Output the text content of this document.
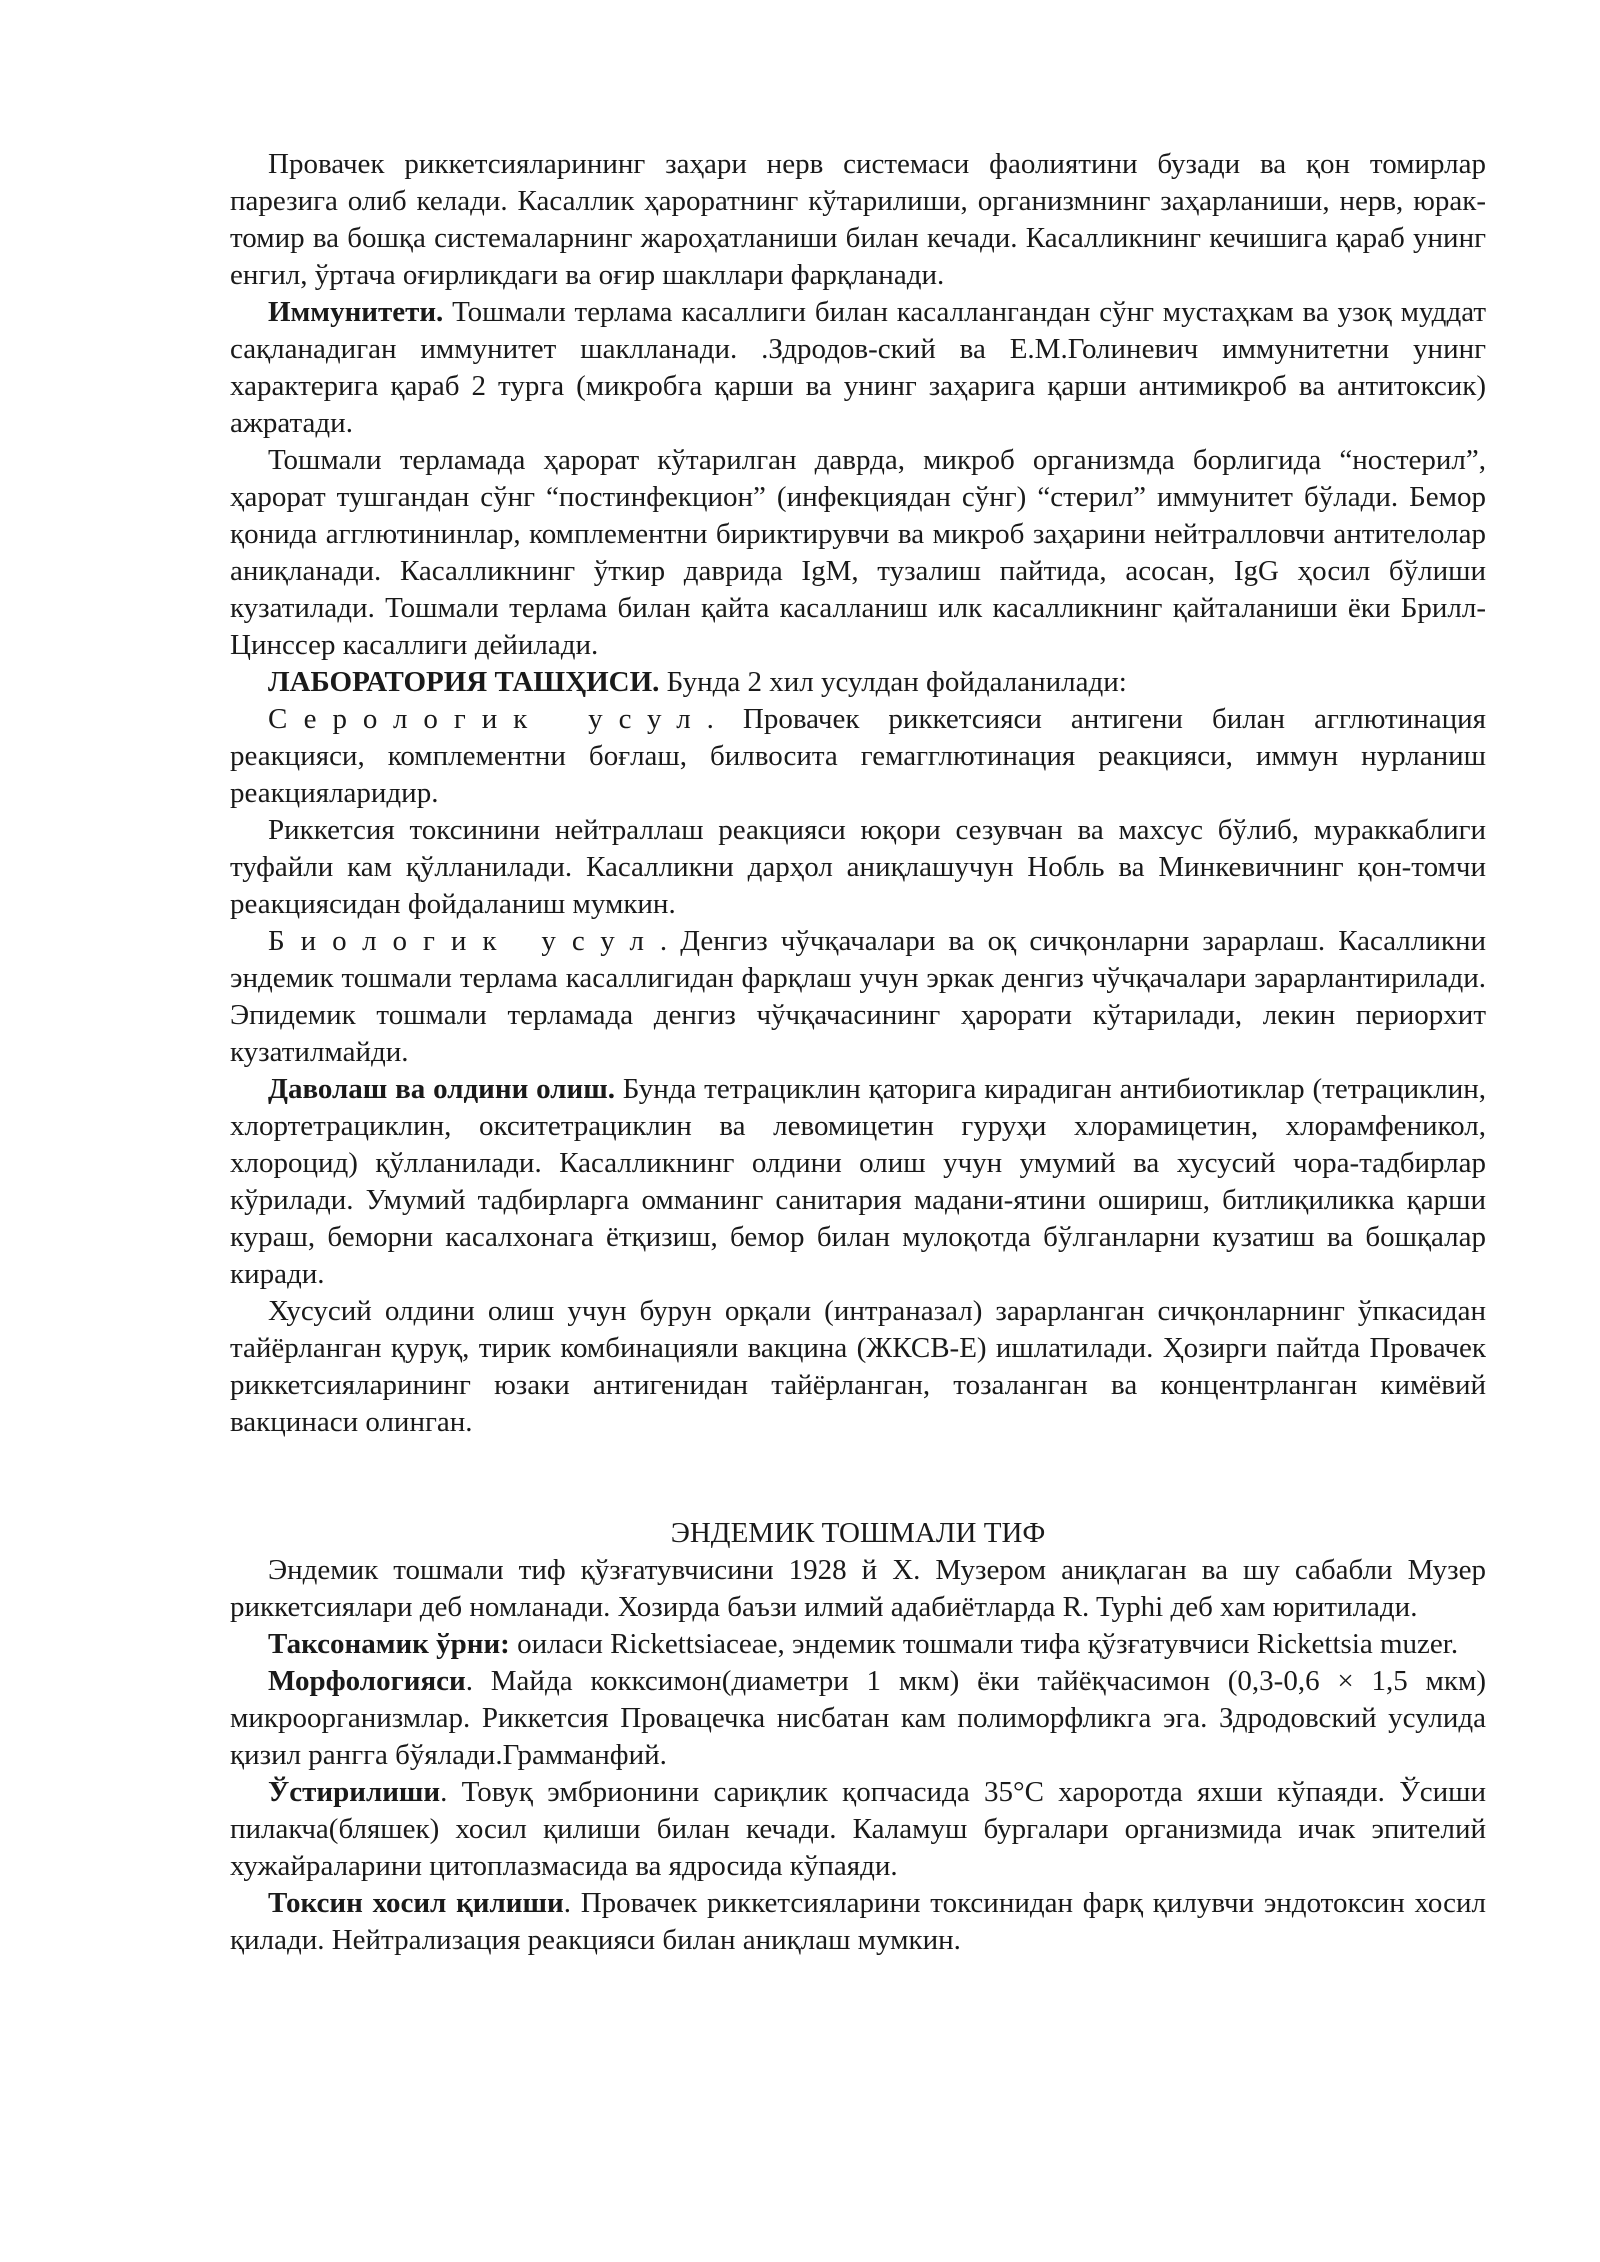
Провачек риккетсияларининг заҳари нерв системаси фаолиятини бузади ва қон томирлар парезига олиб келади. Касаллик ҳароратнинг кўтарилиши, организмнинг заҳарланиши, нерв, юрак-томир ва бошқа системаларнинг жароҳатланиши билан кечади. Касалликнинг кечишига қараб унинг енгил, ўртача оғирликдаги ва оғир шакллари фарқланади.

Иммунитети. Тошмали терлама касаллиги билан касаллангандан сўнг мустаҳкам ва узоқ муддат сақланадиган иммунитет шаклланади. .Здродов-ский ва Е.М.Голиневич иммунитетни унинг характерига қараб 2 турга (микробга қарши ва унинг заҳарига қарши антимикроб ва антитоксик) ажратади.

Тошмали терламада ҳарорат кўтарилган даврда, микроб организмда борлигида “ностерил”, ҳарорат тушгандан сўнг “постинфекцион” (инфекциядан сўнг) “стерил” иммунитет бўлади. Бемор қонида агглютининлар, комплементни бириктирувчи ва микроб заҳарини нейтралловчи антителолар аниқланади. Касалликнинг ўткир даврида IgM, тузалиш пайтида, асосан, IgG ҳосил бўлиши кузатилади. Тошмали терлама билан қайта касалланиш илк касалликнинг қайталаниши ёки Брилл-Цинссер касаллиги дейилади.

ЛАБОРАТОРИЯ ТАШҲИСИ. Бунда 2 хил усулдан фойдаланилади:

Серологик усул. Провачек риккетсияси антигени билан агглютинация реакцияси, комплементни боғлаш, билвосита гемагглютинация реакцияси, иммун нурланиш реакцияларидир.

Риккетсия токсинини нейтраллаш реакцияси юқори сезувчан ва махсус бўлиб, мураккаблиги туфайли кам қўлланилади. Касалликни дарҳол аниқлашучун Нобль ва Минкевичнинг қон-томчи реакциясидан фойдаланиш мумкин.

Биологик усул. Денгиз чўчқачалари ва оқ сичқонларни зарарлаш. Касалликни эндемик тошмали терлама касаллигидан фарқлаш учун эркак денгиз чўчқачалари зарарлантирилади. Эпидемик тошмали терламада денгиз чўчқачасининг ҳарорати кўтарилади, лекин периорхит кузатилмайди.

Даволаш ва олдини олиш. Бунда тетрациклин қаторига кирадиган антибиотиклар (тетрациклин, хлортетрациклин, окситетрациклин ва левомицетин гуруҳи хлорамицетин, хлорамфеникол, хлороцид) қўлланилади. Касалликнинг олдини олиш учун умумий ва хусусий чора-тадбирлар кўрилади. Умумий тадбирларга омманинг санитария мадани-ятини ошириш, битлиқиликка қарши кураш, беморни касалхонага ётқизиш, бемор билан мулоқотда бўлганларни кузатиш ва бошқалар киради.

Хусусий олдини олиш учун бурун орқали (интраназал) зарарланган сичқонларнинг ўпкасидан тайёрланган қуруқ, тирик комбинацияли вакцина (ЖКСВ-Е) ишлатилади. Ҳозирги пайтда Провачек риккетсияларининг юзаки антигенидан тайёрланган, тозаланган ва концентрланган кимёвий вакцинаси олинган.

ЭНДЕМИК ТОШМАЛИ ТИФ

Эндемик тошмали тиф қўзғатувчисини 1928 й Х. Музером аниқлаган ва шу сабабли Музер риккетсиялари деб номланади. Хозирда баъзи илмий адабиётларда R. Typhi деб хам юритилади.

Таксонамик ўрни: оиласи Rickettsiaceae, эндемик тошмали тифа қўзғатувчиси Rickettsia muzer.

Морфологияси. Майда кокксимон(диаметри 1 мкм) ёки тайёқчасимон (0,3-0,6 × 1,5 мкм) микроорганизмлар. Риккетсия Провацечка нисбатан кам полиморфликга эга. Здродовский усулида қизил рангга бўялади.Грамманфий.

Ўстирилиши. Товуқ эмбрионини сариқлик қопчасида 35°С хароротда яхши кўпаяди. Ўсиши пилакча(бляшек) хосил қилиши билан кечади. Каламуш бургалари организмида ичак эпителий хужайраларини цитоплазмасида ва ядросида кўпаяди.

Токсин хосил қилиши. Провачек риккетсияларини токсинидан фарқ қилувчи эндотоксин хосил қилади. Нейтрализация реакцияси билан аниқлаш мумкин.
